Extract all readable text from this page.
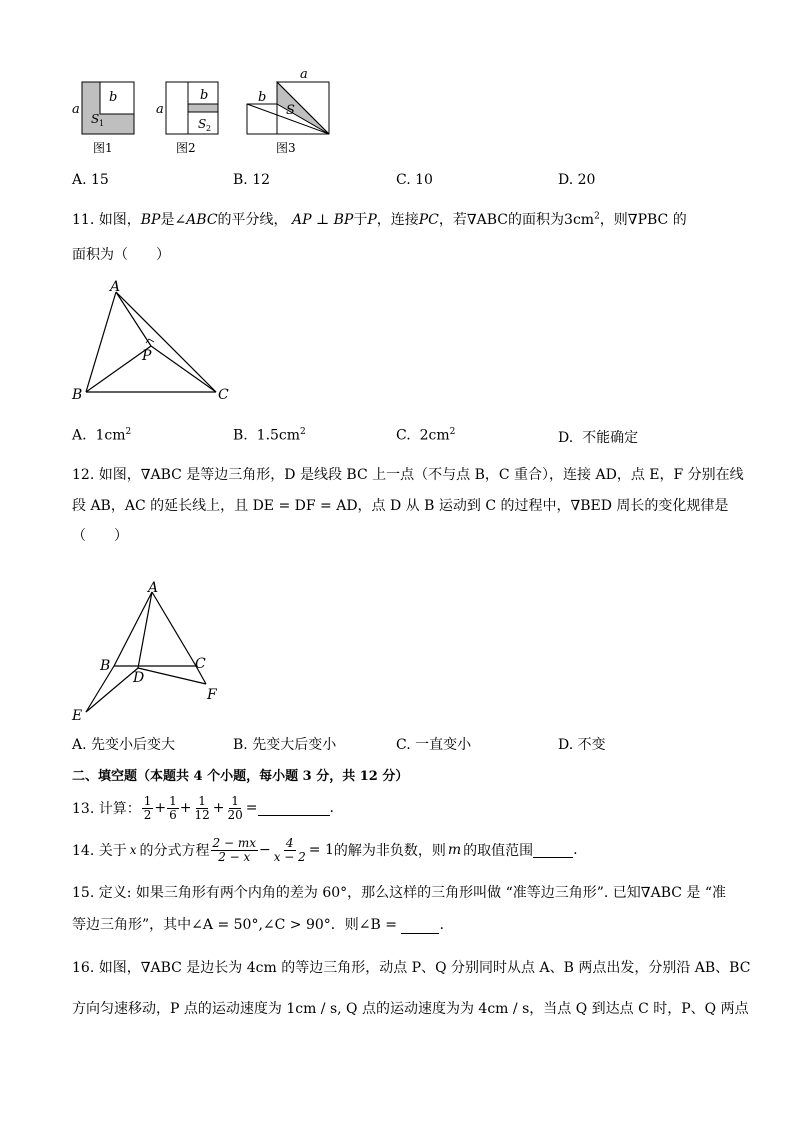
a
b
S 1
图1
a
b
S 2
图2
a
b
S
图3
A. 15	B. 12	C. 10	D. 20
11. 如图，BP是∠ABC的平分线， AP ⊥ BP于P，连接PC，若∇ABC的面积为$3cm^2$，则∇PBC 的
面积为（　　）
A
B	C
P
A. $1cm^2$	B. $1.5cm^2$	C. $2cm^2$	D. 不能确定
12. 如图，∇ABC 是等边三角形，D 是线段 BC 上一点（不与点 B，C 重合），连接 AD，点 E，F 分别在线
段 AB，AC 的延长线上，且 DE = DF = AD，点 D 从 B 运动到 C 的过程中，∇BED 周长的变化规律是
（　　）
A
B	C
D
E
F
A. 先变小后变大	B. 先变大后变小	C. 一直变小	D. 不变
二、填空题（本题共 4 个小题，每小题 3 分，共 12 分）
13. 计算： $\frac{1}{2} + \frac{1}{6} + \frac{1}{12} + \frac{1}{20}$ =	.
14. 关于 x 的分式方程 $\frac{2 - mx}{2 - x} - \frac{4}{x - 2} = 1$ 的解为非负数，则 m 的取值范围	.
15. 定义: 如果三角形有两个内角的差为 60°，那么这样的三角形叫做 “准等边三角形”. 已知∇ABC 是 “准
等边三角形”，其中∠A = 50°,∠C > 90°．则∠B =	.
16. 如图，∇ABC 是边长为 4cm 的等边三角形，动点 P、Q 分别同时从点 A、B 两点出发，分别沿 AB、BC
方向匀速移动，P 点的运动速度为 1cm / s, Q 点的运动速度为为 4cm / s，当点 Q 到达点 C 时，P、Q 两点
